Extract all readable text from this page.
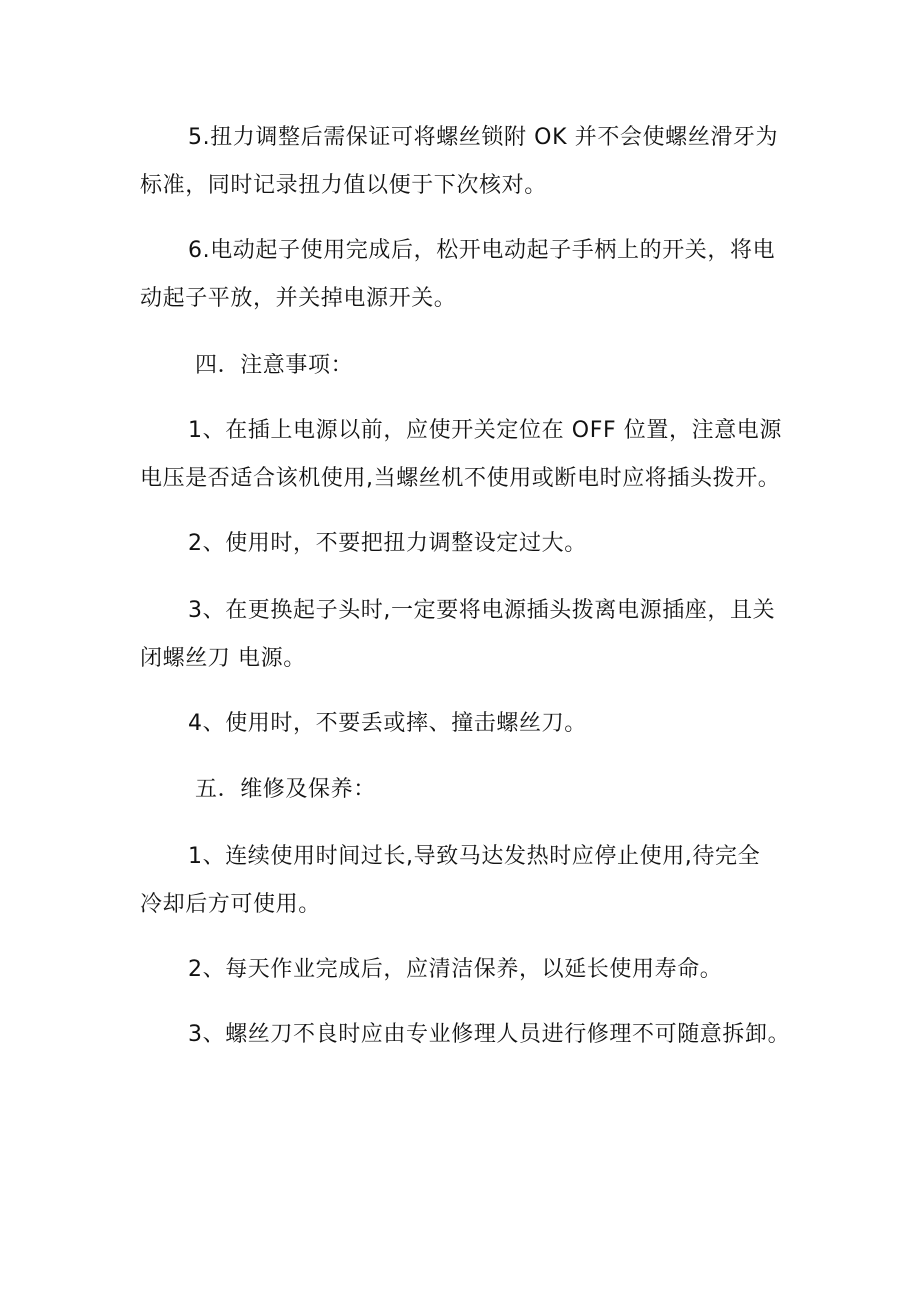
5.扭力调整后需保证可将螺丝锁附 OK 并不会使螺丝滑牙为
标准，同时记录扭力值以便于下次核对。

6.电动起子使用完成后，松开电动起子手柄上的开关，将电
动起子平放，并关掉电源开关。

四．注意事项：

1、在插上电源以前，应使开关定位在 OFF 位置，注意电源
电压是否适合该机使用,当螺丝机不使用或断电时应将插头拨开。

2、使用时，不要把扭力调整设定过大。

3、在更换起子头时,一定要将电源插头拨离电源插座，且关
闭螺丝刀 电源。

4、使用时，不要丢或摔、撞击螺丝刀。

五．维修及保养：

1、连续使用时间过长,导致马达发热时应停止使用,待完全
冷却后方可使用。

2、每天作业完成后，应清洁保养，以延长使用寿命。

3、螺丝刀不良时应由专业修理人员进行修理不可随意拆卸。
